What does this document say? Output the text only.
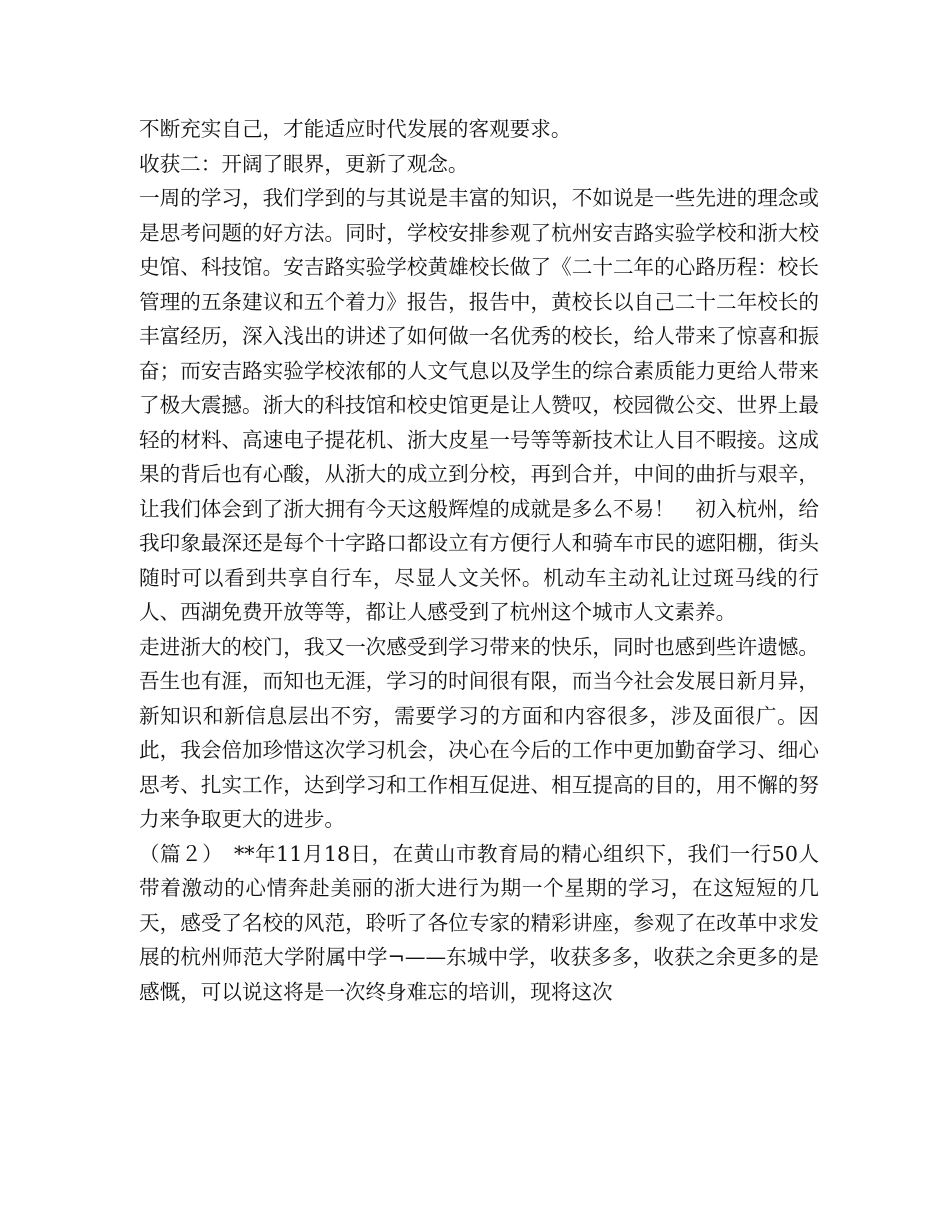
不断充实自己，才能适应时代发展的客观要求。

收获二：开阔了眼界，更新了观念。

一周的学习，我们学到的与其说是丰富的知识，不如说是一些先进的理念或是思考问题的好方法。同时，学校安排参观了杭州安吉路实验学校和浙大校史馆、科技馆。安吉路实验学校黄雄校长做了《二十二年的心路历程：校长管理的五条建议和五个着力》报告，报告中，黄校长以自己二十二年校长的丰富经历，深入浅出的讲述了如何做一名优秀的校长，给人带来了惊喜和振奋；而安吉路实验学校浓郁的人文气息以及学生的综合素质能力更给人带来了极大震撼。浙大的科技馆和校史馆更是让人赞叹，校园微公交、世界上最轻的材料、高速电子提花机、浙大皮星一号等等新技术让人目不暇接。这成果的背后也有心酸，从浙大的成立到分校，再到合并，中间的曲折与艰辛，让我们体会到了浙大拥有今天这般辉煌的成就是多么不易！　初入杭州，给我印象最深还是每个十字路口都设立有方便行人和骑车市民的遮阳棚，街头随时可以看到共享自行车，尽显人文关怀。机动车主动礼让过斑马线的行人、西湖免费开放等等，都让人感受到了杭州这个城市人文素养。

走进浙大的校门，我又一次感受到学习带来的快乐，同时也感到些许遗憾。吾生也有涯，而知也无涯，学习的时间很有限，而当今社会发展日新月异，新知识和新信息层出不穷，需要学习的方面和内容很多，涉及面很广。因此，我会倍加珍惜这次学习机会，决心在今后的工作中更加勤奋学习、细心思考、扎实工作，达到学习和工作相互促进、相互提高的目的，用不懈的努力来争取更大的进步。

（篇２）　**年11月18日，在黄山市教育局的精心组织下，我们一行50人带着激动的心情奔赴美丽的浙大进行为期一个星期的学习，在这短短的几天，感受了名校的风范，聆听了各位专家的精彩讲座，参观了在改革中求发展的杭州师范大学附属中学¬——东城中学，收获多多，收获之余更多的是感慨，可以说这将是一次终身难忘的培训，现将这次
